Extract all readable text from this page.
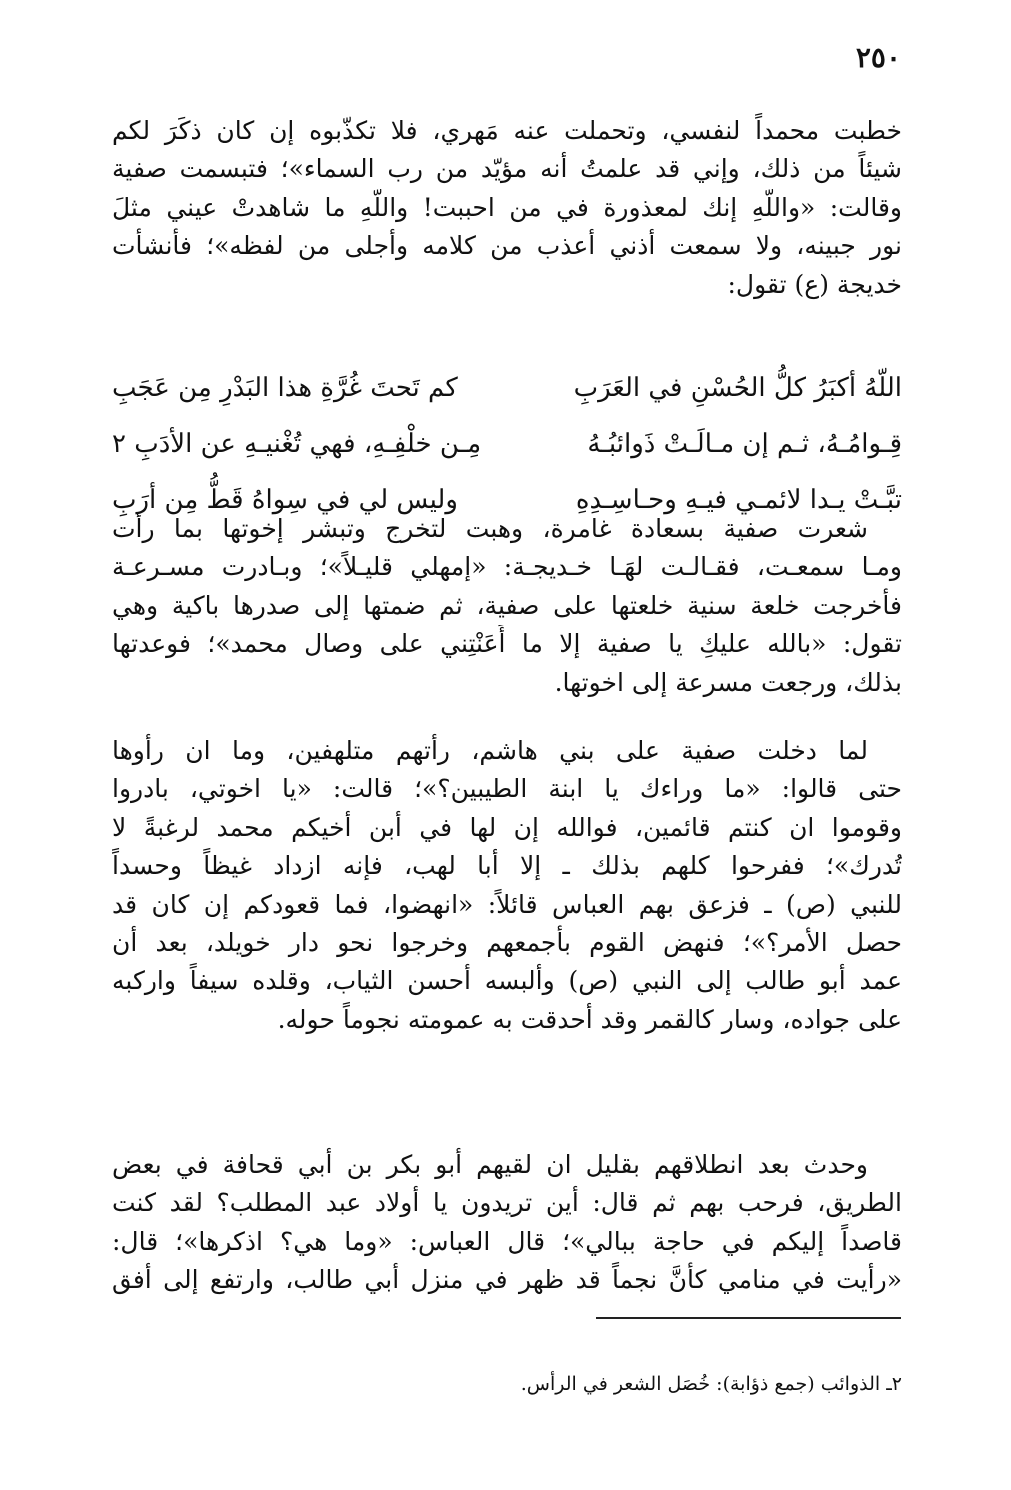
٢٥٠

خطبت محمداً لنفسي، وتحملت عنه مَهري، فلا تكذّبوه إن كان ذكَرَ لكم
شيئاً من ذلك، وإني قد علمتُ أنه مؤيّد من رب السماء»؛ فتبسمت صفية
وقالت: «واللّهِ إنك لمعذورة في من احببت! واللّهِ ما شاهدتْ عيني مثلَ
نور جبينه، ولا سمعت أذني أعذب من كلامه وأجلى من لفظه»؛ فأنشأت
خديجة (ع) تقول:

اللّهُ أكبَرُ كلُّ الحُسْنِ في العَرَبِ
كم تَحتَ غُرَّةِ هذا البَدْرِ مِن عَجَبِ
قِـوامُـهُ، ثـم إن مـالَـتْ ذَوائبُـهُ
مِـن خلْفِـهِ، فهي تُغْنيـهِ عن الأدَبِ ٢
تبَّـتْ يـدا لائمـي فيـهِ وحـاسِـدِهِ
وليس لي في سِواهُ قَطُّ مِن أرَبِ

شعرت صفية بسعادة غامرة، وهبت لتخرج وتبشر إخوتها بما رأت
ومـا سمعـت، فقـالـت لهَـا خـديجـة: «إمهلي قليـلاً»؛ وبـادرت مسـرعـة
فأخرجت خلعة سنية خلعتها على صفية، ثم ضمتها إلى صدرها باكية وهي
تقول: «بالله عليكِ يا صفية إلا ما أَعَنْتِني على وصال محمد»؛ فوعدتها
بذلك، ورجعت مسرعة إلى اخوتها.

لما دخلت صفية على بني هاشم، رأتهم متلهفين، وما ان رأوها
حتى قالوا: «ما وراءك يا ابنة الطيبين؟»؛ قالت: «يا اخوتي، بادروا
وقوموا ان كنتم قائمين، فوالله إن لها في أبن أخيكم محمد لرغبةً لا
تُدرك»؛ ففرحوا كلهم بذلك ـ إلا أبا لهب، فإنه ازداد غيظاً وحسداً
للنبي (ص) ـ فزعق بهم العباس قائلاً: «انهضوا، فما قعودكم إن كان قد
حصل الأمر؟»؛ فنهض القوم بأجمعهم وخرجوا نحو دار خويلد، بعد أن
عمد أبو طالب إلى النبي (ص) وألبسه أحسن الثياب، وقلده سيفاً واركبه
على جواده، وسار كالقمر وقد أحدقت به عمومته نجوماً حوله.

وحدث بعد انطلاقهم بقليل ان لقيهم أبو بكر بن أبي قحافة في بعض
الطريق، فرحب بهم ثم قال: أين تريدون يا أولاد عبد المطلب؟ لقد كنت
قاصداً إليكم في حاجة ببالي»؛ قال العباس: «وما هي؟ اذكرها»؛ قال:
«رأيت في منامي كأنَّ نجماً قد ظهر في منزل أبي طالب، وارتفع إلى أفق

٢ـ الذوائب (جمع ذؤابة): خُصَل الشعر في الرأس.
